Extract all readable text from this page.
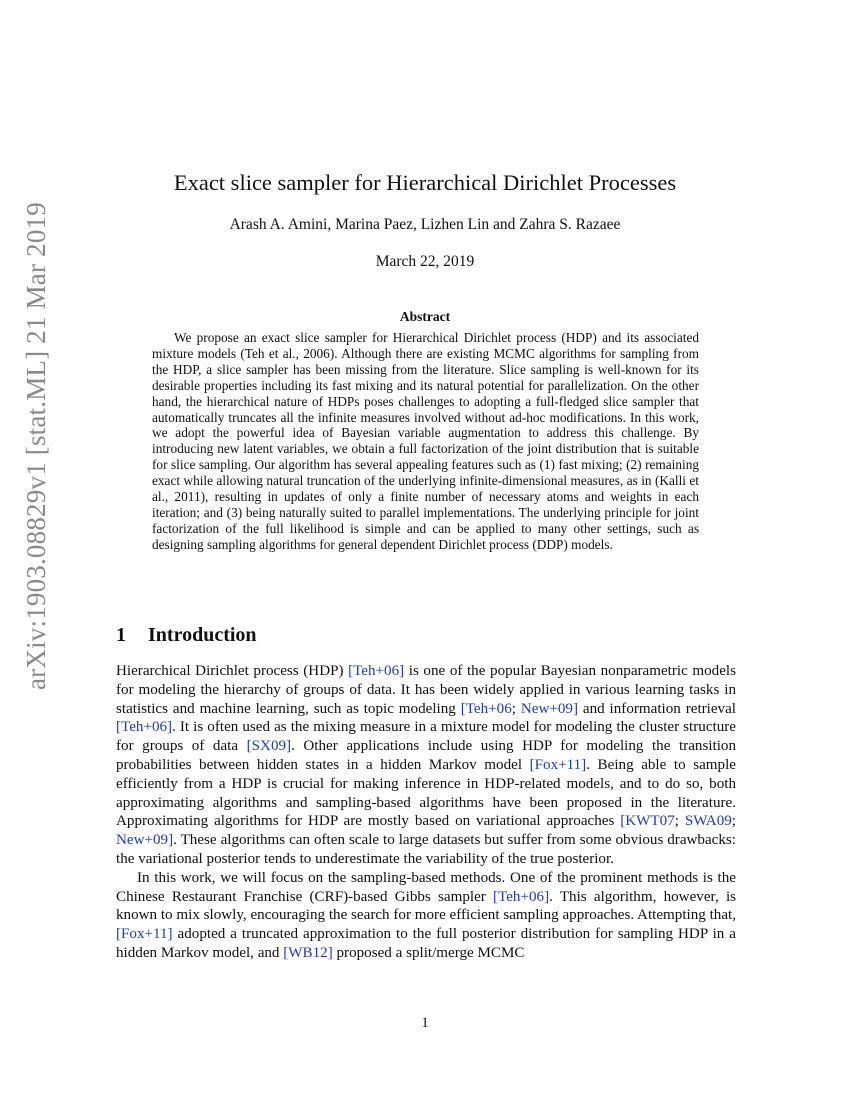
arXiv:1903.08829v1 [stat.ML] 21 Mar 2019
Exact slice sampler for Hierarchical Dirichlet Processes
Arash A. Amini, Marina Paez, Lizhen Lin and Zahra S. Razaee
March 22, 2019
Abstract

We propose an exact slice sampler for Hierarchical Dirichlet process (HDP) and its associated mixture models (Teh et al., 2006). Although there are existing MCMC algorithms for sampling from the HDP, a slice sampler has been missing from the literature. Slice sampling is well-known for its desirable properties including its fast mixing and its natural potential for parallelization. On the other hand, the hierarchical nature of HDPs poses challenges to adopting a full-fledged slice sampler that automatically truncates all the infinite measures involved without ad-hoc modifications. In this work, we adopt the powerful idea of Bayesian variable augmentation to address this challenge. By introducing new latent variables, we obtain a full factorization of the joint distribution that is suitable for slice sampling. Our algorithm has several appealing features such as (1) fast mixing; (2) remaining exact while allowing natural truncation of the underlying infinite-dimensional measures, as in (Kalli et al., 2011), resulting in updates of only a finite number of necessary atoms and weights in each iteration; and (3) being naturally suited to parallel implementations. The underlying principle for joint factorization of the full likelihood is simple and can be applied to many other settings, such as designing sampling algorithms for general dependent Dirichlet process (DDP) models.

1 Introduction

Hierarchical Dirichlet process (HDP) [Teh+06] is one of the popular Bayesian nonparametric models for modeling the hierarchy of groups of data. It has been widely applied in various learning tasks in statistics and machine learning, such as topic modeling [Teh+06; New+09] and information retrieval [Teh+06]. It is often used as the mixing measure in a mixture model for modeling the cluster structure for groups of data [SX09]. Other applications include using HDP for modeling the transition probabilities between hidden states in a hidden Markov model [Fox+11]. Being able to sample efficiently from a HDP is crucial for making inference in HDP-related models, and to do so, both approximating algorithms and sampling-based algorithms have been proposed in the literature. Approximating algorithms for HDP are mostly based on variational approaches [KWT07; SWA09; New+09]. These algorithms can often scale to large datasets but suffer from some obvious drawbacks: the variational posterior tends to underestimate the variability of the true posterior.

In this work, we will focus on the sampling-based methods. One of the prominent methods is the Chinese Restaurant Franchise (CRF)-based Gibbs sampler [Teh+06]. This algorithm, however, is known to mix slowly, encouraging the search for more efficient sampling approaches. Attempting that, [Fox+11] adopted a truncated approximation to the full posterior distribution for sampling HDP in a hidden Markov model, and [WB12] proposed a split/merge MCMC

1
